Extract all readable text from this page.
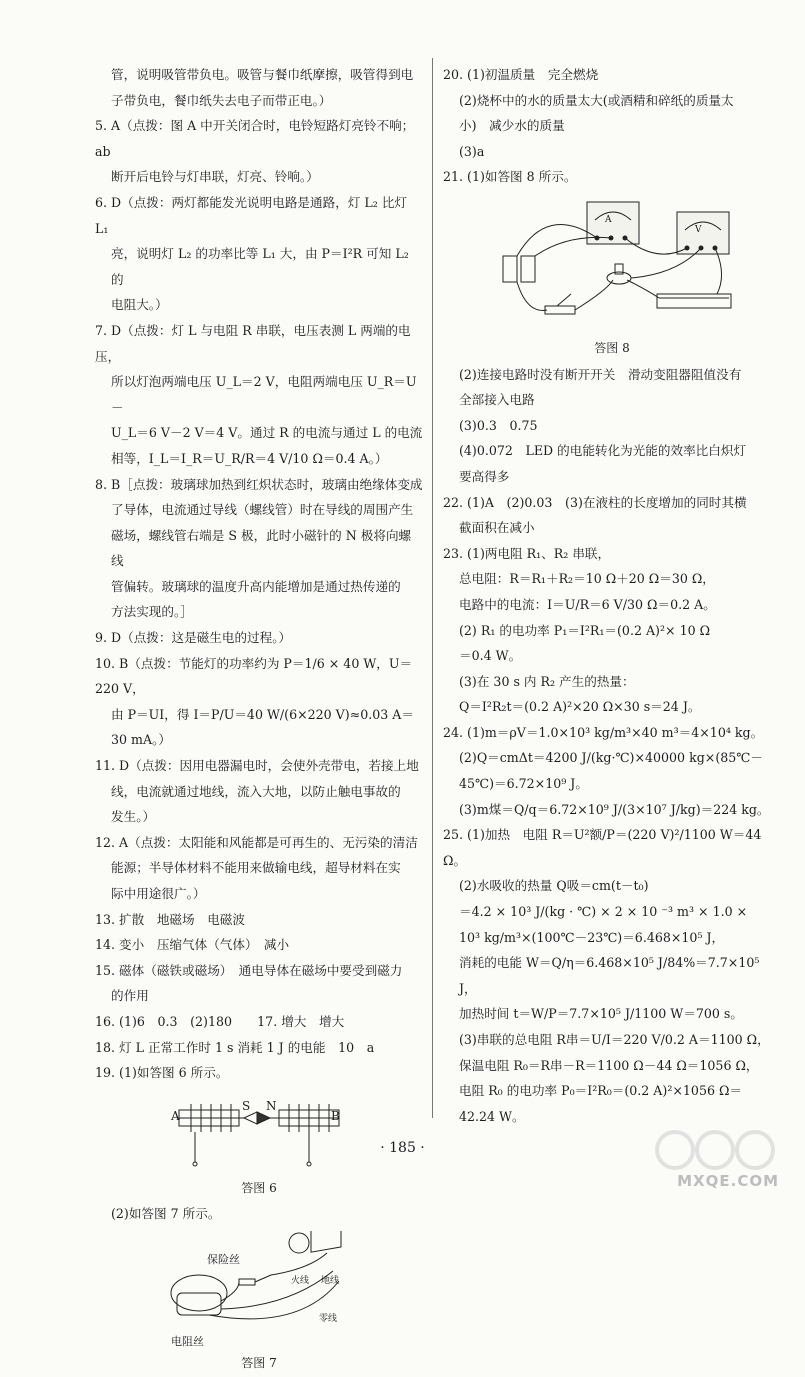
管，说明吸管带负电。吸管与餐巾纸摩擦，吸管得到电
子带负电，餐巾纸失去电子而带正电。）
5. A（点拨：图 A 中开关闭合时，电铃短路灯亮铃不响；ab
断开后电铃与灯串联，灯亮、铃响。）
6. D（点拨：两灯都能发光说明电路是通路，灯 L₂ 比灯 L₁
亮，说明灯 L₂ 的功率比等 L₁ 大，由 P＝I²R 可知 L₂ 的
电阻大。）
7. D（点拨：灯 L 与电阻 R 串联，电压表测 L 两端的电压，
所以灯泡两端电压 U_L＝2 V，电阻两端电压 U_R＝U－
U_L＝6 V－2 V＝4 V。通过 R 的电流与通过 L 的电流
相等，I_L＝I_R＝U_R/R＝4 V/10 Ω＝0.4 A。）
8. B［点拨：玻璃球加热到红炽状态时，玻璃由绝缘体变成
了导体，电流通过导线（螺线管）时在导线的周围产生
磁场，螺线管右端是 S 极，此时小磁针的 N 极将向螺线
管偏转。玻璃球的温度升高内能增加是通过热传递的
方法实现的。］
9. D（点拨：这是磁生电的过程。）
10. B（点拨：节能灯的功率约为 P＝1/6 × 40 W，U＝220 V，
由 P＝UI，得 I＝P/U＝40 W/(6×220 V)≈0.03 A＝30 mA。）
11. D（点拨：因用电器漏电时，会使外壳带电，若接上地
线，电流就通过地线，流入大地，以防止触电事故的
发生。）
12. A（点拨：太阳能和风能都是可再生的、无污染的清洁
能源；半导体材料不能用来做输电线，超导材料在实
际中用途很广。）
13. 扩散　地磁场　电磁波
14. 变小　压缩气体（气体）　减小
15. 磁体（磁铁或磁场）　通电导体在磁场中要受到磁力
的作用
16. (1)6　0.3　(2)180　　17. 增大　增大
18. 灯 L 正常工作时 1 s 消耗 1 J 的电能　10　a
19. (1)如答图 6 所示。
A
S N
B
答图 6
(2)如答图 7 所示。
保险丝
火线 地线
零线
电阻丝
答图 7
20. (1)初温质量　完全燃烧
(2)烧杯中的水的质量太大(或酒精和碎纸的质量太
小)　减少水的质量
(3)a
21. (1)如答图 8 所示。
A
V
答图 8
(2)连接电路时没有断开开关　滑动变阻器阻值没有
全部接入电路
(3)0.3　0.75
(4)0.072　LED 的电能转化为光能的效率比白炽灯
要高得多
22. (1)A　(2)0.03　(3)在液柱的长度增加的同时其横
截面积在减小
23. (1)两电阻 R₁、R₂ 串联，
总电阻：R＝R₁＋R₂＝10 Ω＋20 Ω＝30 Ω，
电路中的电流：I＝U/R＝6 V/30 Ω＝0.2 A。
(2) R₁ 的电功率 P₁＝I²R₁＝(0.2 A)²× 10 Ω
＝0.4 W。
(3)在 30 s 内 R₂ 产生的热量：
Q＝I²R₂t＝(0.2 A)²×20 Ω×30 s＝24 J。
24. (1)m＝ρV＝1.0×10³ kg/m³×40 m³＝4×10⁴ kg。
(2)Q＝cmΔt＝4200 J/(kg·℃)×40000 kg×(85℃－
45℃)＝6.72×10⁹ J。
(3)m煤＝Q/q＝6.72×10⁹ J/(3×10⁷ J/kg)＝224 kg。
25. (1)加热　电阻 R＝U²额/P＝(220 V)²/1100 W＝44 Ω。
(2)水吸收的热量 Q吸＝cm(t－t₀)
＝4.2 × 10³ J/(kg · ℃) × 2 × 10 ⁻³ m³ × 1.0 ×
10³ kg/m³×(100℃－23℃)＝6.468×10⁵ J，
消耗的电能 W＝Q/η＝6.468×10⁵ J/84%＝7.7×10⁵ J，
加热时间 t＝W/P＝7.7×10⁵ J/1100 W＝700 s。
(3)串联的总电阻 R串＝U/I＝220 V/0.2 A＝1100 Ω，
保温电阻 R₀＝R串－R＝1100 Ω－44 Ω＝1056 Ω，
电阻 R₀ 的电功率 P₀＝I²R₀＝(0.2 A)²×1056 Ω＝
42.24 W。
· 185 ·
MXQE.COM
